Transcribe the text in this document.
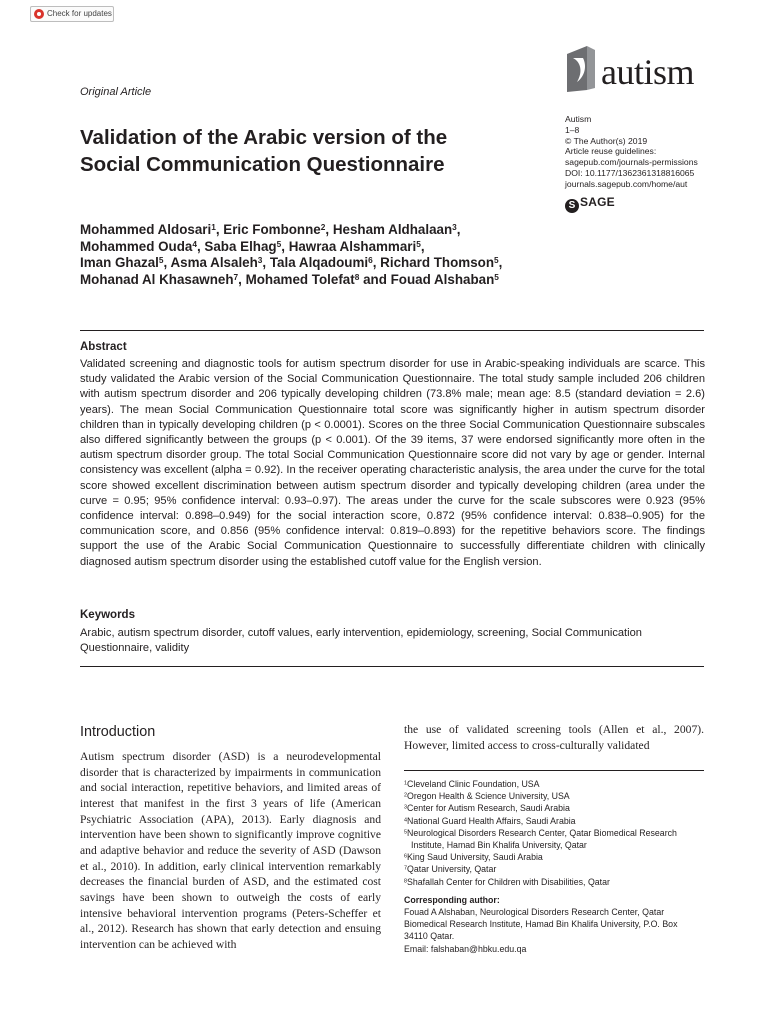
Check for updates
Original Article	autism
Autism
1–8
© The Author(s) 2019
Article reuse guidelines:
sagepub.com/journals-permissions
DOI: 10.1177/1362361318816065
journals.sagepub.com/home/aut
S SAGE
Validation of the Arabic version of the
Social Communication Questionnaire
Mohammed Aldosari$^1$, Eric Fombonne$^2$, Hesham Aldhalaan$^3$,
Mohammed Ouda$^4$, Saba Elhag$^5$, Hawraa Alshammari$^5$,
Iman Ghazal$^5$, Asma Alsaleh$^3$, Tala Alqadoumi$^6$, Richard Thomson$^5$,
Mohanad Al Khasawneh$^7$, Mohamed Tolefat$^8$ and Fouad Alshaban$^5$
Abstract
Validated screening and diagnostic tools for autism spectrum disorder for use in Arabic-speaking individuals are scarce. This study validated the Arabic version of the Social Communication Questionnaire. The total study sample included 206 children with autism spectrum disorder and 206 typically developing children (73.8% male; mean age: 8.5 (standard deviation = 2.6) years). The mean Social Communication Questionnaire total score was significantly higher in autism spectrum disorder children than in typically developing children (p < 0.0001). Scores on the three Social Communication Questionnaire subscales also differed significantly between the groups (p < 0.001). Of the 39 items, 37 were endorsed significantly more often in the autism spectrum disorder group. The total Social Communication Questionnaire score did not vary by age or gender. Internal consistency was excellent (alpha = 0.92). In the receiver operating characteristic analysis, the area under the curve for the total score showed excellent discrimination between autism spectrum disorder and typically developing children (area under the curve = 0.95; 95% confidence interval: 0.93–0.97). The areas under the curve for the scale subscores were 0.923 (95% confidence interval: 0.898–0.949) for the social interaction score, 0.872 (95% confidence interval: 0.838–0.905) for the communication score, and 0.856 (95% confidence interval: 0.819–0.893) for the repetitive behaviors score. The findings support the use of the Arabic Social Communication Questionnaire to successfully differentiate children with clinically diagnosed autism spectrum disorder using the established cutoff value for the English version.
Keywords
Arabic, autism spectrum disorder, cutoff values, early intervention, epidemiology, screening, Social Communication Questionnaire, validity
Introduction
Autism spectrum disorder (ASD) is a neurodevelopmental disorder that is characterized by impairments in communication and social interaction, repetitive behaviors, and limited areas of interest that manifest in the first 3 years of life (American Psychiatric Association (APA), 2013). Early diagnosis and intervention have been shown to significantly improve cognitive and adaptive behavior and reduce the severity of ASD (Dawson et al., 2010). In addition, early clinical intervention remarkably decreases the financial burden of ASD, and the estimated cost savings have been shown to outweigh the costs of early intensive behavioral intervention programs (Peters-Scheffer et al., 2012). Research has shown that early detection and ensuing intervention can be achieved with
the use of validated screening tools (Allen et al., 2007). However, limited access to cross-culturally validated
$^1$Cleveland Clinic Foundation, USA
$^2$Oregon Health & Science University, USA
$^3$Center for Autism Research, Saudi Arabia
$^4$National Guard Health Affairs, Saudi Arabia
$^5$Neurological Disorders Research Center, Qatar Biomedical Research
Institute, Hamad Bin Khalifa University, Qatar
$^6$King Saud University, Saudi Arabia
$^7$Qatar University, Qatar
$^8$Shafallah Center for Children with Disabilities, Qatar
Corresponding author:
Fouad A Alshaban, Neurological Disorders Research Center, Qatar
Biomedical Research Institute, Hamad Bin Khalifa University, P.O. Box
34110 Qatar.
Email: falshaban@hbku.edu.qa
